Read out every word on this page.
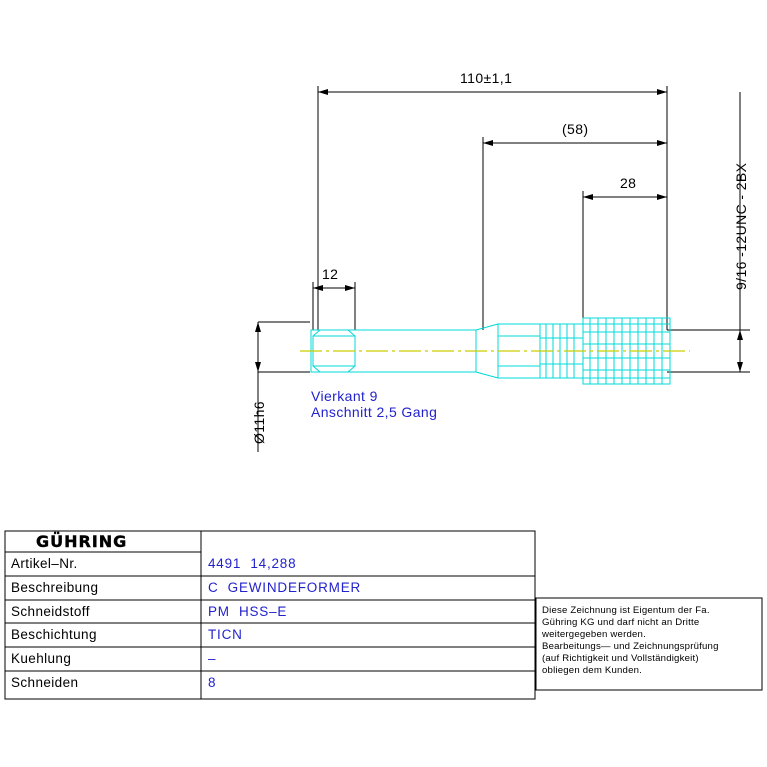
110±1,1
(58)
28
12	9/16 -12UNC - 2BX
Ø11h6
Vierkant 9
Anschnitt 2,5 Gang
GÜHRING
Artikel–Nr.
Beschreibung
Schneidstoff
Beschichtung
Kuehlung
Schneiden
4491  14,288
C  GEWINDEFORMER
PM  HSS–E
TICN
–
8
Diese Zeichnung ist Eigentum der Fa.
Gühring KG und darf nicht an Dritte
weitergegeben werden.
Bearbeitungs— und Zeichnungsprüfung
(auf Richtigkeit und Vollständigkeit)
obliegen dem Kunden.
